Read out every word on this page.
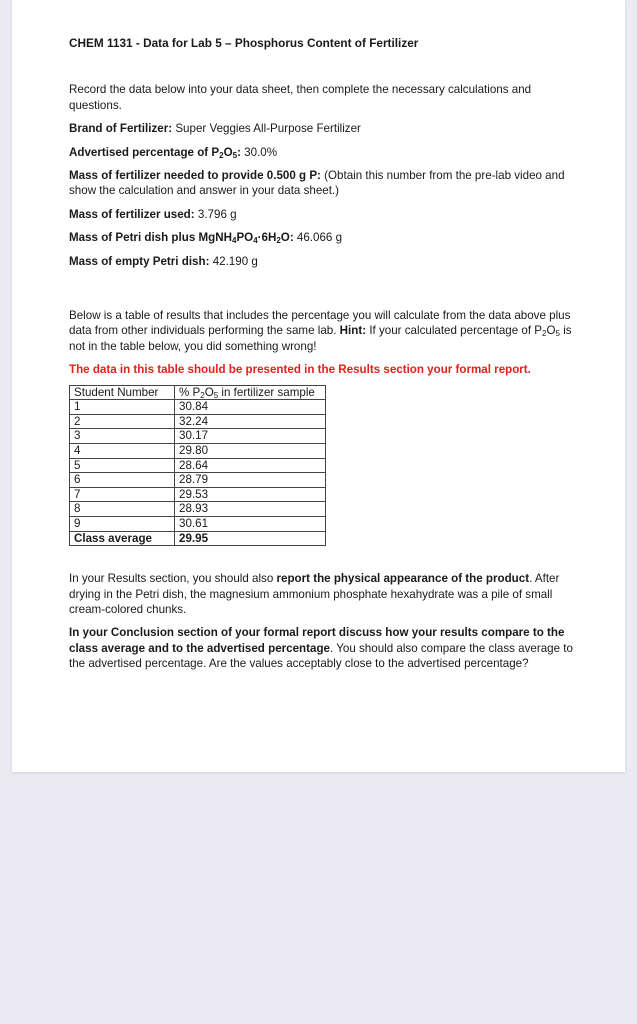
CHEM 1131 - Data for Lab 5 – Phosphorus Content of Fertilizer

Record the data below into your data sheet, then complete the necessary calculations and questions.

Brand of Fertilizer: Super Veggies All-Purpose Fertilizer

Advertised percentage of $P_2O_5$: 30.0%

Mass of fertilizer needed to provide 0.500 g P: (Obtain this number from the pre-lab video and show the calculation and answer in your data sheet.)

Mass of fertilizer used: 3.796 g

Mass of Petri dish plus $MgNH_4PO_4\cdot 6H_2O$: 46.066 g

Mass of empty Petri dish: 42.190 g

Below is a table of results that includes the percentage you will calculate from the data above plus data from other individuals performing the same lab. Hint: If your calculated percentage of $P_2O_5$ is not in the table below, you did something wrong!

The data in this table should be presented in the Results section your formal report.

Student Number	% $P_2O_5$ in fertilizer sample
1	30.84
2	32.24
3	30.17
4	29.80
5	28.64
6	28.79
7	29.53
8	28.93
9	30.61
Class average	29.95

In your Results section, you should also report the physical appearance of the product. After drying in the Petri dish, the magnesium ammonium phosphate hexahydrate was a pile of small cream-colored chunks.

In your Conclusion section of your formal report discuss how your results compare to the class average and to the advertised percentage. You should also compare the class average to the advertised percentage. Are the values acceptably close to the advertised percentage?
